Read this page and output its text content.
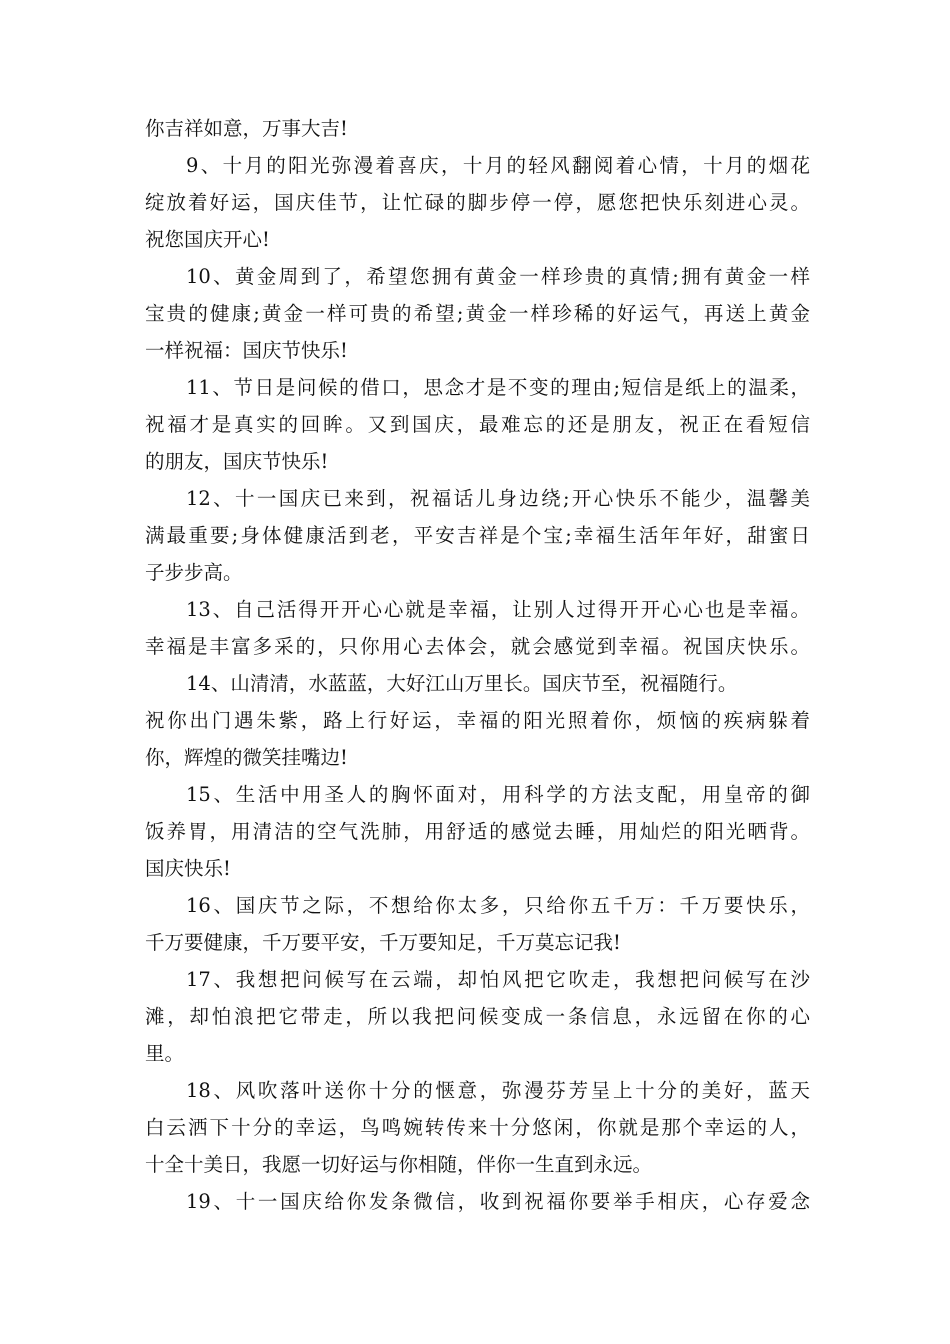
你吉祥如意，万事大吉!
9、十月的阳光弥漫着喜庆，十月的轻风翻阅着心情，十月的烟花
绽放着好运，国庆佳节，让忙碌的脚步停一停，愿您把快乐刻进心灵。
祝您国庆开心!
10、黄金周到了，希望您拥有黄金一样珍贵的真情;拥有黄金一样
宝贵的健康;黄金一样可贵的希望;黄金一样珍稀的好运气，再送上黄金
一样祝福：国庆节快乐!
11、节日是问候的借口，思念才是不变的理由;短信是纸上的温柔，
祝福才是真实的回眸。又到国庆，最难忘的还是朋友，祝正在看短信
的朋友，国庆节快乐!
12、十一国庆已来到，祝福话儿身边绕;开心快乐不能少，温馨美
满最重要;身体健康活到老，平安吉祥是个宝;幸福生活年年好，甜蜜日
子步步高。
13、自己活得开开心心就是幸福，让别人过得开开心心也是幸福。
幸福是丰富多采的，只你用心去体会，就会感觉到幸福。祝国庆快乐。
14、山清清，水蓝蓝，大好江山万里长。国庆节至，祝福随行。
祝你出门遇朱紫，路上行好运，幸福的阳光照着你，烦恼的疾病躲着
你，辉煌的微笑挂嘴边!
15、生活中用圣人的胸怀面对，用科学的方法支配，用皇帝的御
饭养胃，用清洁的空气洗肺，用舒适的感觉去睡，用灿烂的阳光晒背。
国庆快乐!
16、国庆节之际，不想给你太多，只给你五千万：千万要快乐，
千万要健康，千万要平安，千万要知足，千万莫忘记我!
17、我想把问候写在云端，却怕风把它吹走，我想把问候写在沙
滩，却怕浪把它带走，所以我把问候变成一条信息，永远留在你的心
里。
18、风吹落叶送你十分的惬意，弥漫芬芳呈上十分的美好，蓝天
白云洒下十分的幸运，鸟鸣婉转传来十分悠闲，你就是那个幸运的人，
十全十美日，我愿一切好运与你相随，伴你一生直到永远。
19、十一国庆给你发条微信，收到祝福你要举手相庆，心存爱念
